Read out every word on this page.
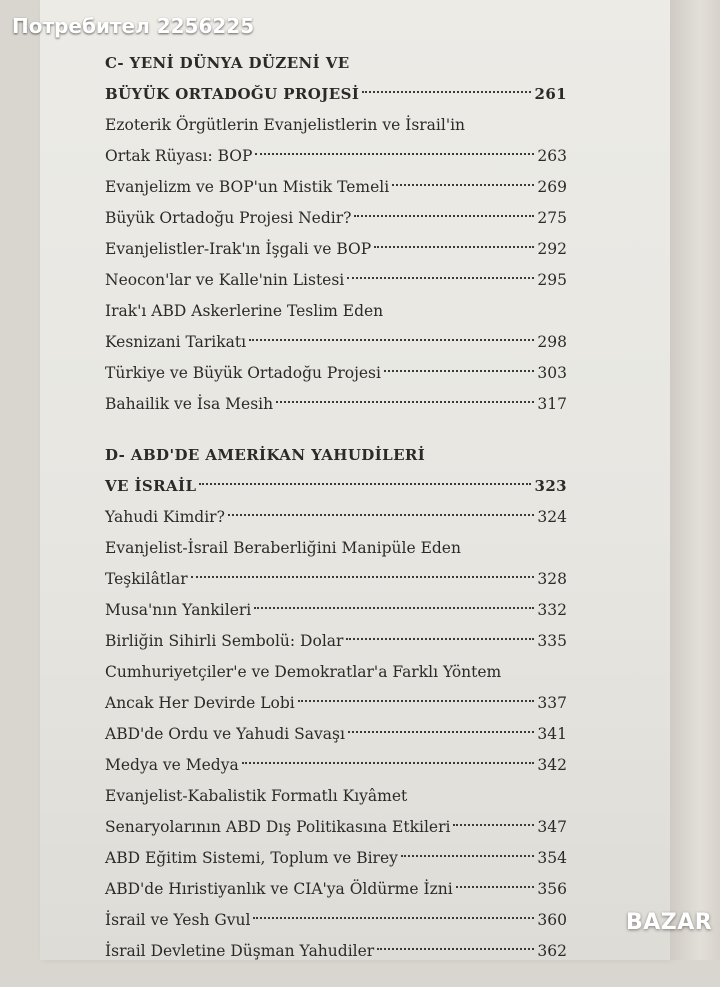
Потребител 2256225
C- YENİ DÜNYA DÜZENİ VE
BÜYÜK ORTADOĞU PROJESİ	261
Ezoterik Örgütlerin Evanjelistlerin ve İsrail'in
Ortak Rüyası: BOP	263
Evanjelizm ve BOP'un Mistik Temeli	269
Büyük Ortadoğu Projesi Nedir?	275
Evanjelistler-Irak'ın İşgali ve BOP	292
Neocon'lar ve Kalle'nin Listesi	295
Irak'ı ABD Askerlerine Teslim Eden
Kesnizani Tarikatı	298
Türkiye ve Büyük Ortadoğu Projesi	303
Bahailik ve İsa Mesih	317
D- ABD'DE AMERİKAN YAHUDİLERİ
VE İSRAİL	323
Yahudi Kimdir?	324
Evanjelist-İsrail Beraberliğini Manipüle Eden
Teşkilâtlar	328
Musa'nın Yankileri	332
Birliğin Sihirli Sembolü: Dolar	335
Cumhuriyetçiler'e ve Demokratlar'a Farklı Yöntem
Ancak Her Devirde Lobi	337
ABD'de Ordu ve Yahudi Savaşı	341
Medya ve Medya	342
Evanjelist-Kabalistik Formatlı Kıyâmet
Senaryolarının ABD Dış Politikasına Etkileri	347
ABD Eğitim Sistemi, Toplum ve Birey	354
ABD'de Hıristiyanlık ve CIA'ya Öldürme İzni	356
İsrail ve Yesh Gvul	360
İsrail Devletine Düşman Yahudiler	362
BAZAR
